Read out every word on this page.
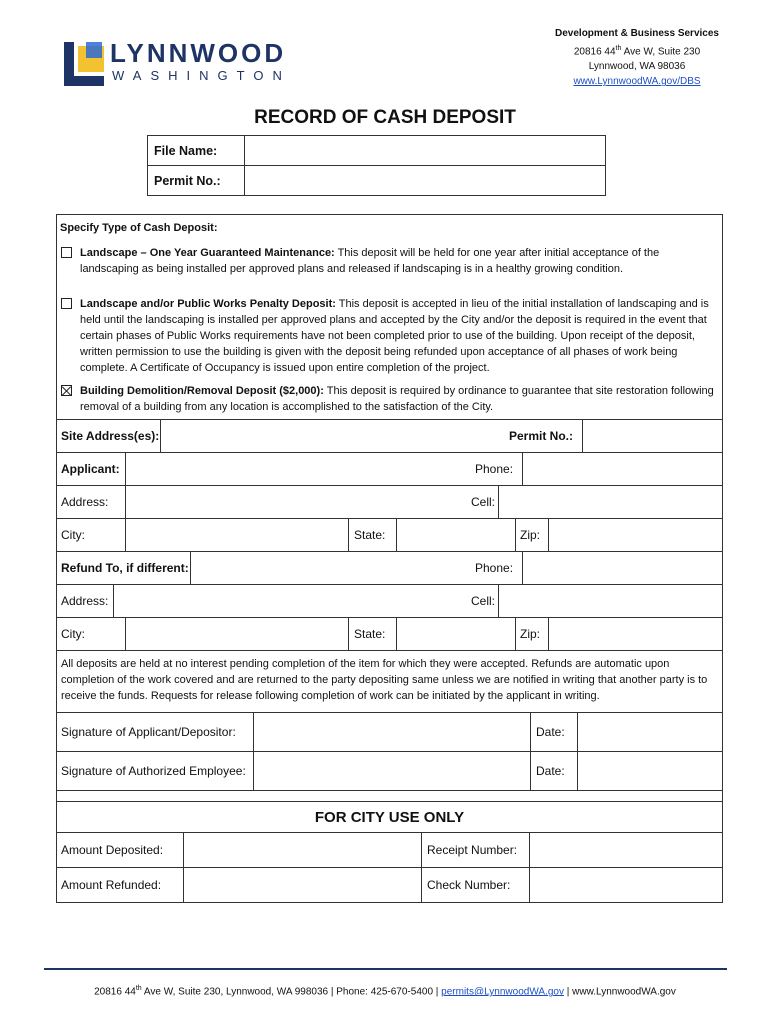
LYNNWOOD
WASHINGTON
Development & Business Services
20816 44th Ave W, Suite 230
Lynnwood, WA 98036
www.LynnwoodWA.gov/DBS
RECORD OF CASH DEPOSIT
File Name:	
Permit No.:	
Specify Type of Cash Deposit:
Landscape – One Year Guaranteed Maintenance: This deposit will be held for one year after initial acceptance of the landscaping as being installed per approved plans and released if landscaping is in a healthy growing condition.
Landscape and/or Public Works Penalty Deposit: This deposit is accepted in lieu of the initial installation of landscaping and is held until the landscaping is installed per approved plans and accepted by the City and/or the deposit is required in the event that certain phases of Public Works requirements have not been completed prior to use of the building. Upon receipt of the deposit, written permission to use the building is given with the deposit being refunded upon acceptance of all phases of work being complete. A Certificate of Occupancy is issued upon entire completion of the project.
Building Demolition/Removal Deposit ($2,000): This deposit is required by ordinance to guarantee that site restoration following removal of a building from any location is accomplished to the satisfaction of the City.
Site Address(es):	Permit No.:
Applicant:	Phone:
Address:	Cell:
City:	State:	Zip:
Refund To, if different:	Phone:
Address:	Cell:
City:	State:	Zip:
All deposits are held at no interest pending completion of the item for which they were accepted. Refunds are automatic upon completion of the work covered and are returned to the party depositing same unless we are notified in writing that another party is to receive the funds. Requests for release following completion of work can be initiated by the applicant in writing.
Signature of Applicant/Depositor:	Date:
Signature of Authorized Employee:	Date:
FOR CITY USE ONLY
Amount Deposited:	Receipt Number:
Amount Refunded:	Check Number:
20816 44th Ave W, Suite 230, Lynnwood, WA 998036 | Phone: 425-670-5400 | permits@LynnwoodWA.gov | www.LynnwoodWA.gov
